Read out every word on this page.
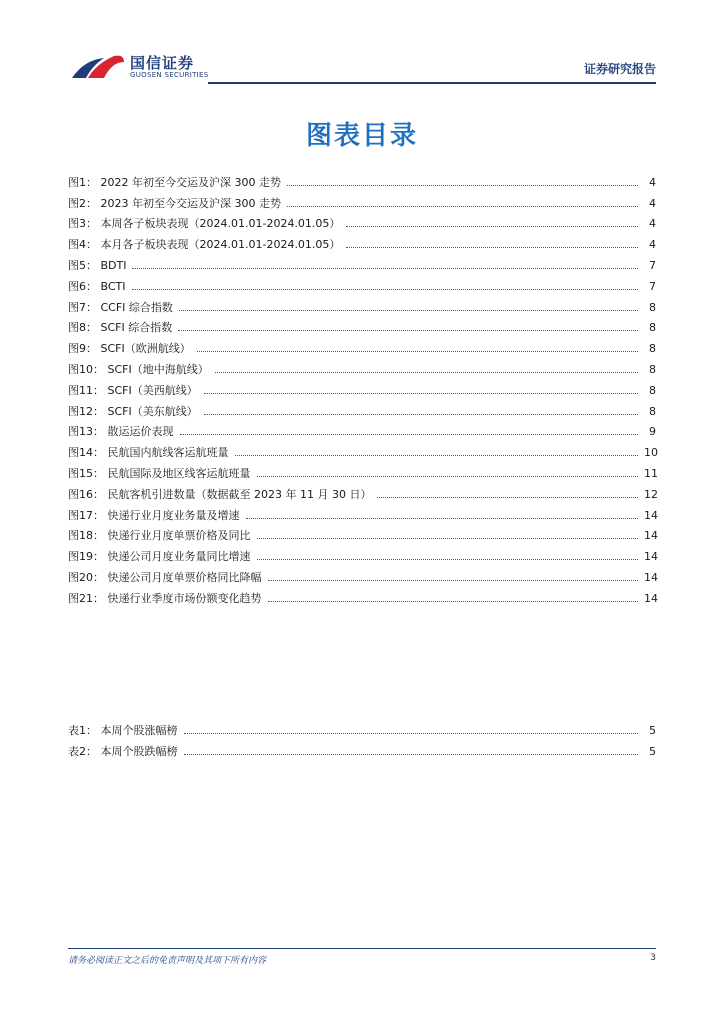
国信证券
GUOSEN SECURITIES	证券研究报告
图表目录
图1： 2022 年初至今交运及沪深 300 走势	4
图2： 2023 年初至今交运及沪深 300 走势	4
图3： 本周各子板块表现（2024.01.01-2024.01.05）	4
图4： 本月各子板块表现（2024.01.01-2024.01.05）	4
图5： BDTI	7
图6： BCTI	7
图7： CCFI 综合指数	8
图8： SCFI 综合指数	8
图9： SCFI（欧洲航线）	8
图10： SCFI（地中海航线）	8
图11： SCFI（美西航线）	8
图12： SCFI（美东航线）	8
图13： 散运运价表现	9
图14： 民航国内航线客运航班量	10
图15： 民航国际及地区线客运航班量	11
图16： 民航客机引进数量（数据截至 2023 年 11 月 30 日）	12
图17： 快递行业月度业务量及增速	14
图18： 快递行业月度单票价格及同比	14
图19： 快递公司月度业务量同比增速	14
图20： 快递公司月度单票价格同比降幅	14
图21： 快递行业季度市场份额变化趋势	14
表1： 本周个股涨幅榜	5
表2： 本周个股跌幅榜	5
请务必阅读正文之后的免责声明及其项下所有内容	3
